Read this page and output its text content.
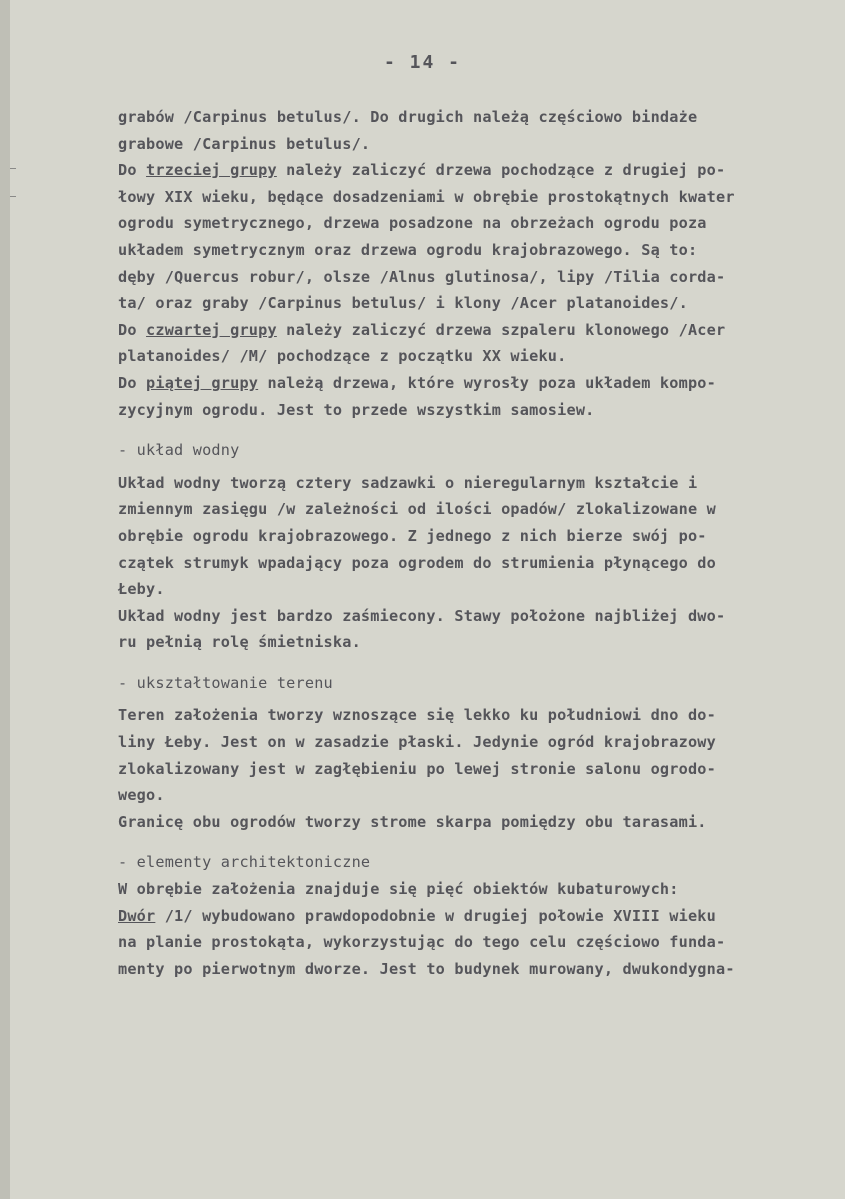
- 14 -
grabów /Carpinus betulus/. Do drugich należą częściowo bindaże
grabowe /Carpinus betulus/.
Do trzeciej grupy należy zaliczyć drzewa pochodzące z drugiej po-
łowy XIX wieku, będące dosadzeniami w obrębie prostokątnych kwater
ogrodu symetrycznego, drzewa posadzone na obrzeżach ogrodu poza
układem symetrycznym oraz drzewa ogrodu krajobrazowego. Są to:
dęby /Quercus robur/, olsze /Alnus glutinosa/, lipy /Tilia corda-
ta/ oraz graby /Carpinus betulus/ i klony /Acer platanoides/.
Do czwartej grupy należy zaliczyć drzewa szpaleru klonowego /Acer
platanoides/ /M/ pochodzące z początku XX wieku.
Do piątej grupy należą drzewa, które wyrosły poza układem kompo-
zycyjnym ogrodu. Jest to przede wszystkim samosiew.
- układ wodny
Układ wodny tworzą cztery sadzawki o nieregularnym kształcie i
zmiennym zasięgu /w zależności od ilości opadów/ zlokalizowane w
obrębie ogrodu krajobrazowego. Z jednego z nich bierze swój po-
czątek strumyk wpadający poza ogrodem do strumienia płynącego do
Łeby.
Układ wodny jest bardzo zaśmiecony. Stawy położone najbliżej dwo-
ru pełnią rolę śmietniska.
- ukształtowanie terenu
Teren założenia tworzy wznoszące się lekko ku południowi dno do-
liny Łeby. Jest on w zasadzie płaski. Jedynie ogród krajobrazowy
zlokalizowany jest w zagłębieniu po lewej stronie salonu ogrodo-
wego.
Granicę obu ogrodów tworzy strome skarpa pomiędzy obu tarasami.
- elementy architektoniczne
W obrębie założenia znajduje się pięć obiektów kubaturowych:
Dwór /1/ wybudowano prawdopodobnie w drugiej połowie XVIII wieku
na planie prostokąta, wykorzystując do tego celu częściowo funda-
menty po pierwotnym dworze. Jest to budynek murowany, dwukondygna-
